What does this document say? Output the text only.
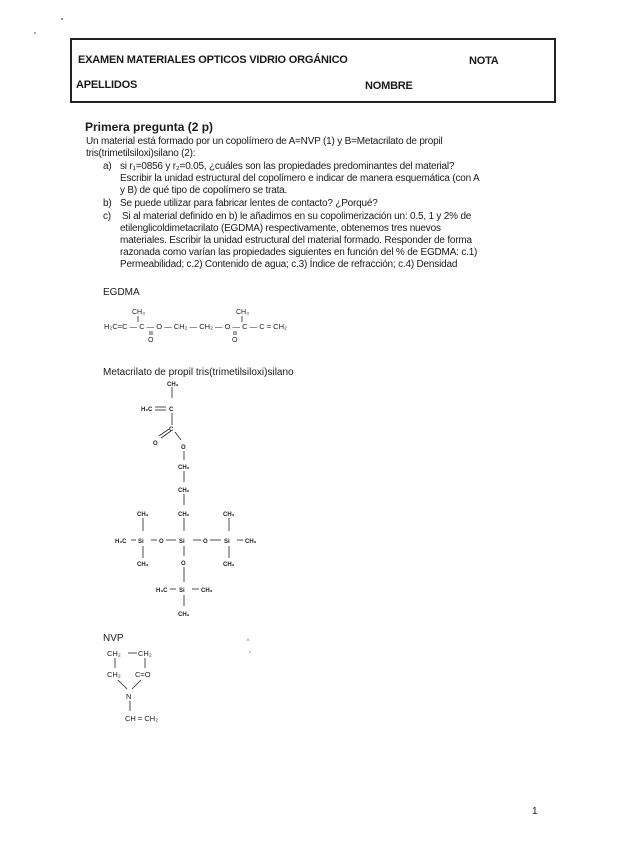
EXAMEN MATERIALES OPTICOS VIDRIO ORGÁNICO	NOTA
APELLIDOS	NOMBRE
Primera pregunta (2 p)
Un material está formado por un copolímero de A=NVP (1) y B=Metacrilato de propil
tris(trimetilsiloxi)silano (2):
a) si r₁=0856 y r₂=0.05, ¿cuáles son las propiedades predominantes del material?
Escribir la unidad estructural del copolímero e indicar de manera esquemática (con A
y B) de qué tipo de copolímero se trata.
b) Se puede utilizar para fabricar lentes de contacto? ¿Porqué?
c) Si al material definido en b) le añadimos en su copolimerización un: 0.5, 1 y 2% de
etilenglicoldimetacrilato (EGDMA) respectivamente, obtenemos tres nuevos
materiales. Escribir la unidad estructural del material formado. Responder de forma
razonada como varían las propiedades siguientes en función del % de EGDMA: c.1)
Permeabilidad; c.2) Contenido de agua; c.3) Índice de refracción; c.4) Densidad
EGDMA
CH₃	CH₃
H₂C=C — C — O — CH₂ — CH₂ — O — C — C = CH₂
O	O
Metacrilato de propil tris(trimetilsiloxi)silano
CH₃
H₂C	C
C
O
O
CH₂
CH₂
CH₂
CH₃	CH₃
H₃C Si	O	Si	O	Si	CH₃
CH₃	O	CH₃
H₃C Si	CH₃
CH₃
NVP
CH₂ CH₂
CH₂ C=O
N
CH = CH₂
1
